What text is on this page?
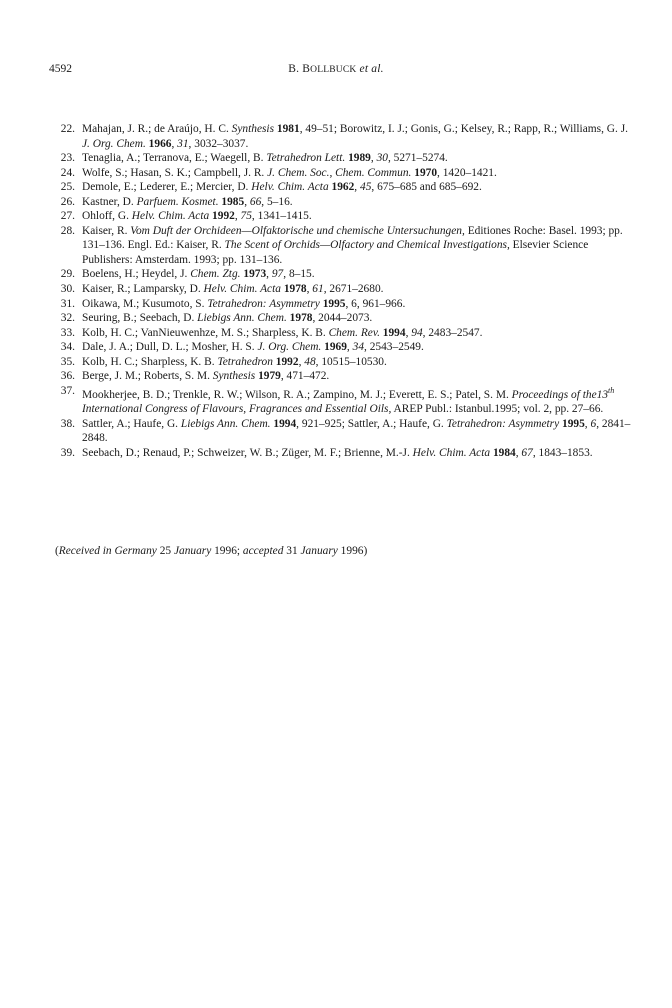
4592	B. BOLLBUCK et al.
22. Mahajan, J. R.; de Araújo, H. C. Synthesis 1981, 49–51; Borowitz, I. J.; Gonis, G.; Kelsey, R.; Rapp, R.; Williams, G. J. J. Org. Chem. 1966, 31, 3032–3037.
23. Tenaglia, A.; Terranova, E.; Waegell, B. Tetrahedron Lett. 1989, 30, 5271–5274.
24. Wolfe, S.; Hasan, S. K.; Campbell, J. R. J. Chem. Soc., Chem. Commun. 1970, 1420–1421.
25. Demole, E.; Lederer, E.; Mercier, D. Helv. Chim. Acta 1962, 45, 675–685 and 685–692.
26. Kastner, D. Parfuem. Kosmet. 1985, 66, 5–16.
27. Ohloff, G. Helv. Chim. Acta 1992, 75, 1341–1415.
28. Kaiser, R. Vom Duft der Orchideen—Olfaktorische und chemische Untersuchungen, Editiones Roche: Basel. 1993; pp. 131–136. Engl. Ed.: Kaiser, R. The Scent of Orchids—Olfactory and Chemical Investigations, Elsevier Science Publishers: Amsterdam. 1993; pp. 131–136.
29. Boelens, H.; Heydel, J. Chem. Ztg. 1973, 97, 8–15.
30. Kaiser, R.; Lamparsky, D. Helv. Chim. Acta 1978, 61, 2671–2680.
31. Oikawa, M.; Kusumoto, S. Tetrahedron: Asymmetry 1995, 6, 961–966.
32. Seuring, B.; Seebach, D. Liebigs Ann. Chem. 1978, 2044–2073.
33. Kolb, H. C.; VanNieuwenhze, M. S.; Sharpless, K. B. Chem. Rev. 1994, 94, 2483–2547.
34. Dale, J. A.; Dull, D. L.; Mosher, H. S. J. Org. Chem. 1969, 34, 2543–2549.
35. Kolb, H. C.; Sharpless, K. B. Tetrahedron 1992, 48, 10515–10530.
36. Berge, J. M.; Roberts, S. M. Synthesis 1979, 471–472.
37. Mookherjee, B. D.; Trenkle, R. W.; Wilson, R. A.; Zampino, M. J.; Everett, E. S.; Patel, S. M. Proceedings of the13th International Congress of Flavours, Fragrances and Essential Oils, AREP Publ.: Istanbul.1995; vol. 2, pp. 27–66.
38. Sattler, A.; Haufe, G. Liebigs Ann. Chem. 1994, 921–925; Sattler, A.; Haufe, G. Tetrahedron: Asymmetry 1995, 6, 2841–2848.
39. Seebach, D.; Renaud, P.; Schweizer, W. B.; Züger, M. F.; Brienne, M.-J. Helv. Chim. Acta 1984, 67, 1843–1853.
(Received in Germany 25 January 1996; accepted 31 January 1996)
